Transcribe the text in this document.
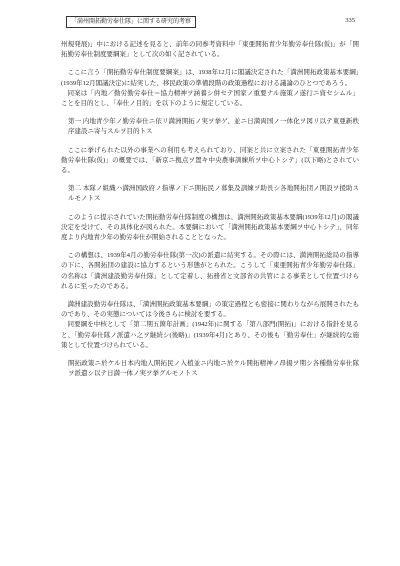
「満州開拓勤労奉仕隊」に関する研究的考察	335

州規発展)」中における記述を見ると、前年の同参考資料中「東亜開拓青少年勤労奉仕隊(仮)」が「開拓勤労奉仕制度要綱案」として次の如く記されている。

ここに言う「開拓勤労奉仕制度要綱案」は、1938年12月に閣議決定された「満洲開拓政策基本要綱」(1939年12月閣議決定)に結実した、移民政策の準備段階の政策過程における議論のひとつであろう。

同案は「内地／勤労勤労奉仕＝協力精神ヲ涵養シ併セテ国家ノ重要ナル施策ノ遂行ニ資セシムル」ことを目的とし、「奉仕ノ目的」を以下のように規定している。

第一 内地青少年ノ勤労奉仕ニ依リ満洲開拓ノ実ヲ挙ゲ、並ニ日満両国ノ一体化ヲ図リ以テ東亜新秩序建設ニ寄与スルヲ目的トス

ここに挙げられた以外の事業への利用も考えられており、同案と共に立案された「東亜開拓青少年勤労奉仕隊(仮)」の概要では、「新京ニ拠点ヲ置キ中央農事訓練所ヲ中心トシテ」(以下略)とされている。

第二 本隊ノ組織ハ満洲国政府ノ指導ノ下ニ開拓民ノ募集及訓練ヲ助長シ各地開拓団ノ開設ヲ援助スルモノトス

このように提示されていた開拓勤労奉仕隊制度の構想は、満洲開拓政策基本要綱(1939年12月)の閣議決定を受けて、その具体化が図られた。本要綱において「満洲開拓政策基本要綱ヲ中心トシテ」、同年度より内地青少年の勤労奉仕が開始されることとなった。

この構想は、1939年4月の勤労奉仕隊(第一次)の派遣に結実する。その際には、満洲開拓総局の指導の下に、各開拓団の建設に協力するという形態がとられた。こうして「東亜開拓青少年勤労奉仕隊」の名称は「満洲建設勤労奉仕隊」として定着し、拓務省と文部省の共管による事業として位置づけられるに至ったのである。

満洲建設勤労奉仕隊は、「満洲開拓政策基本要綱」の策定過程とも密接に関わりながら展開されたものであり、その実態については今後さらに検討を要する。

同要綱を中核として「第二期五箇年計画」(1942年)に関する「第八部門(開拓)」における指針を見ると、「勤労奉仕隊ノ派遣ハ之ヲ継続シ(後略)」(1939年4月)とあり、その後も「勤労奉仕」が継続的な施策として位置づけられている。

開拓政策ニ於ケル日本内地人開拓民ノ入植並ニ内地ニ於ケル開拓精神ノ昂揚ヲ期シ各種勤労奉仕隊ヲ派遣シ以テ日満一体ノ実ヲ挙グルモノトス
